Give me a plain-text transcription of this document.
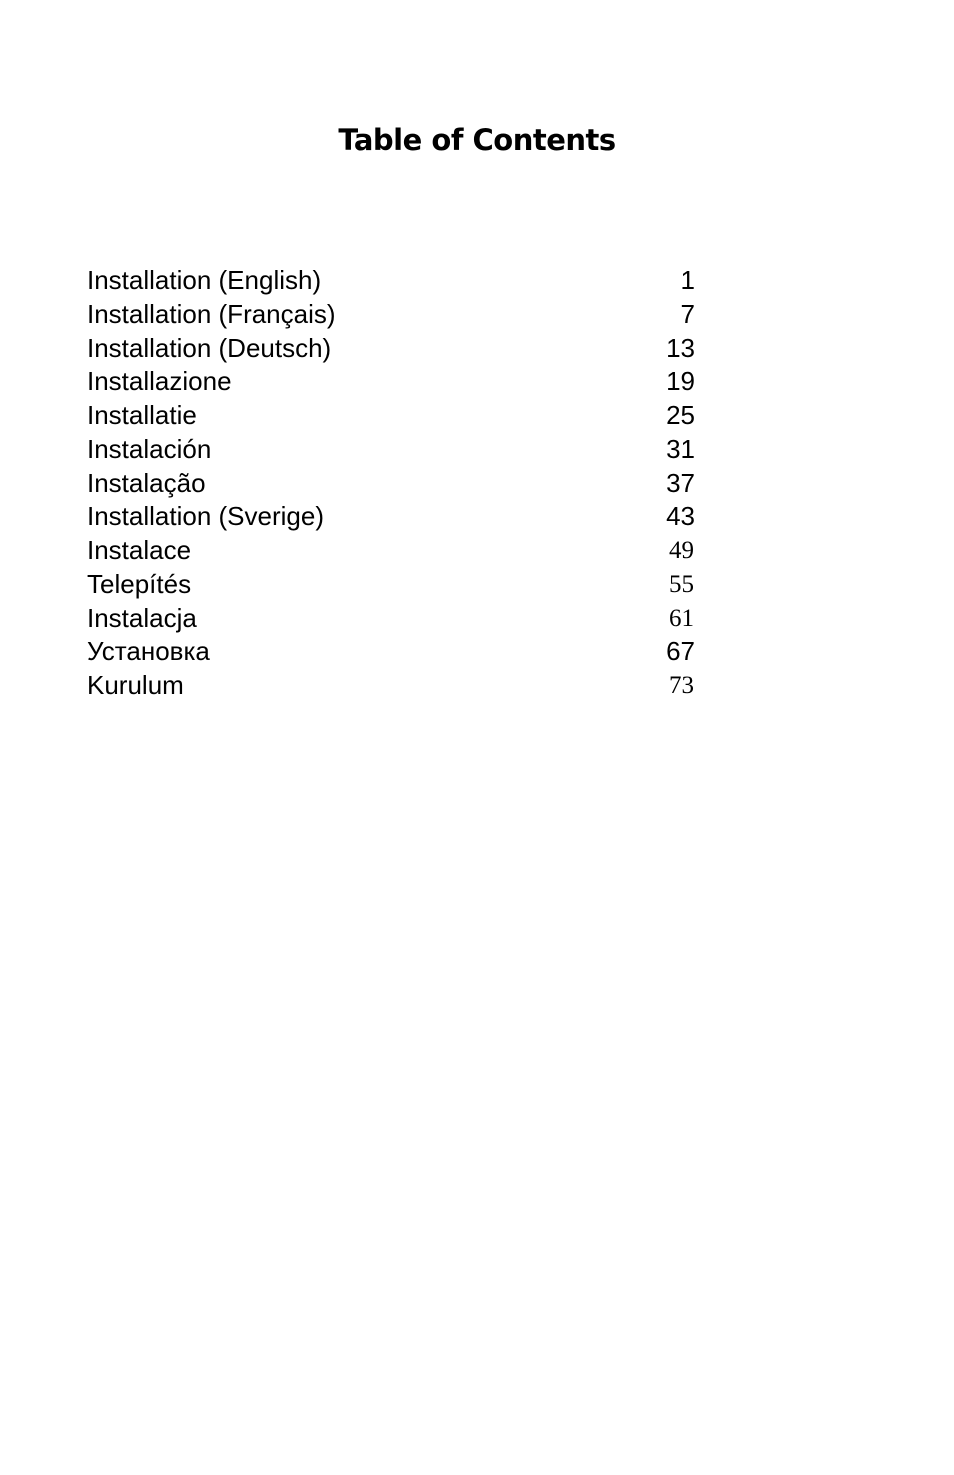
Table of Contents
Installation (English)	1
Installation (Français)	7
Installation (Deutsch)	13
Installazione	19
Installatie	25
Instalación	31
Instalação	37
Installation (Sverige)	43
Instalace	49
Telepítés	55
Instalacja	61
Установка	67
Kurulum	73
